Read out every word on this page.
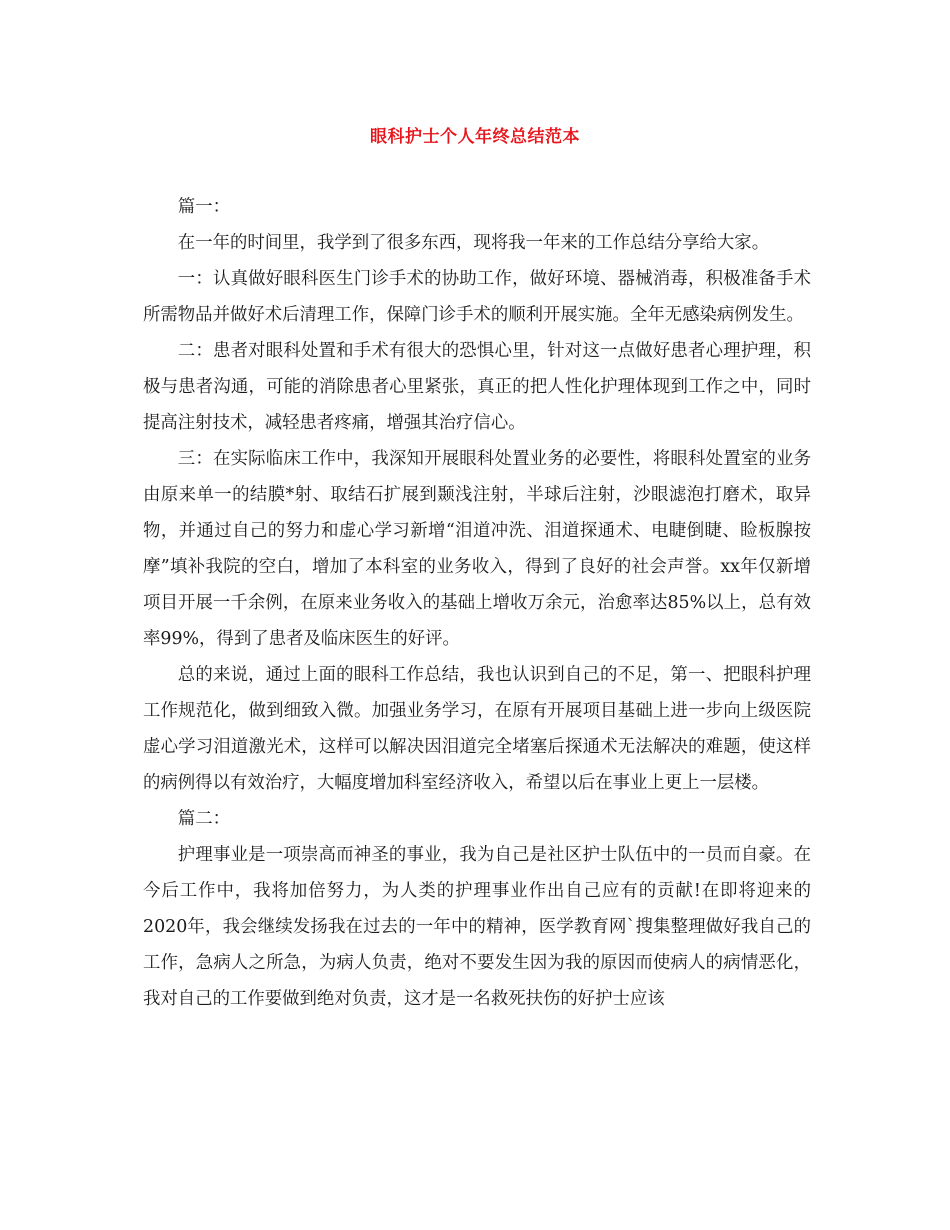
眼科护士个人年终总结范本

篇一：

在一年的时间里，我学到了很多东西，现将我一年来的工作总结分享给大家。

一：认真做好眼科医生门诊手术的协助工作，做好环境、器械消毒，积极准备手术所需物品并做好术后清理工作，保障门诊手术的顺利开展实施。全年无感染病例发生。

二：患者对眼科处置和手术有很大的恐惧心里，针对这一点做好患者心理护理，积极与患者沟通，可能的消除患者心里紧张，真正的把人性化护理体现到工作之中，同时提高注射技术，减轻患者疼痛，增强其治疗信心。

三：在实际临床工作中，我深知开展眼科处置业务的必要性，将眼科处置室的业务由原来单一的结膜*射、取结石扩展到颞浅注射，半球后注射，沙眼滤泡打磨术，取异物，并通过自己的努力和虚心学习新增“泪道冲洗、泪道探通术、电睫倒睫、睑板腺按摩”填补我院的空白，增加了本科室的业务收入，得到了良好的社会声誉。xx年仅新增项目开展一千余例，在原来业务收入的基础上增收万余元，治愈率达85%以上，总有效率99%，得到了患者及临床医生的好评。

总的来说，通过上面的眼科工作总结，我也认识到自己的不足，第一、把眼科护理工作规范化，做到细致入微。加强业务学习，在原有开展项目基础上进一步向上级医院虚心学习泪道激光术，这样可以解决因泪道完全堵塞后探通术无法解决的难题，使这样的病例得以有效治疗，大幅度增加科室经济收入，希望以后在事业上更上一层楼。

篇二：

护理事业是一项崇高而神圣的事业，我为自己是社区护士队伍中的一员而自豪。在今后工作中，我将加倍努力，为人类的护理事业作出自己应有的贡献!在即将迎来的2020年，我会继续发扬我在过去的一年中的精神，医学教育网`搜集整理做好我自己的工作，急病人之所急，为病人负责，绝对不要发生因为我的原因而使病人的病情恶化，我对自己的工作要做到绝对负责，这才是一名救死扶伤的好护士应该
